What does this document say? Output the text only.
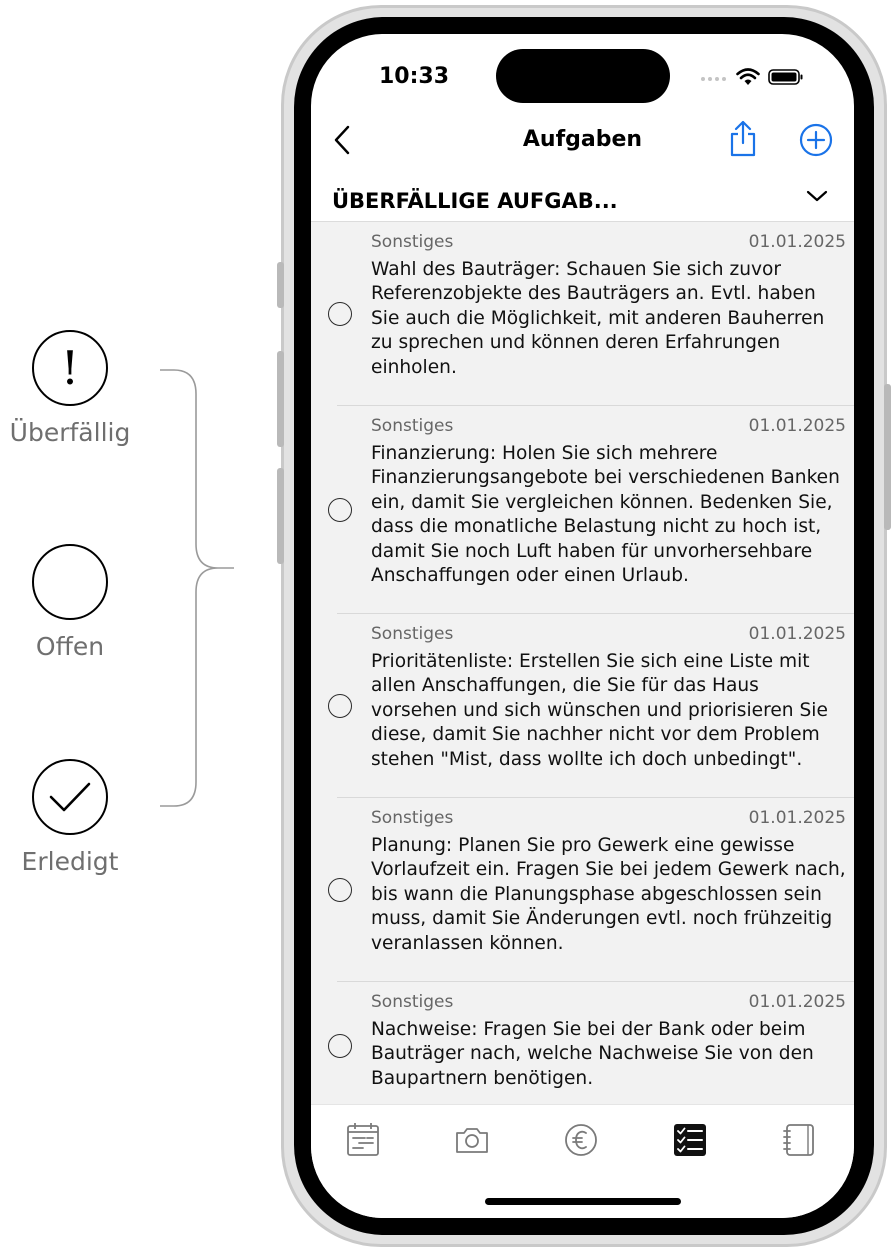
!
Überfällig
Offen
Erledigt
10:33
Aufgaben
ÜBERFÄLLIGE AUFGAB...
Sonstiges	01.01.2025
Wahl des Bauträger: Schauen Sie sich zuvor Referenzobjekte des Bauträgers an. Evtl. haben Sie auch die Möglichkeit, mit anderen Bauherren zu sprechen und können deren Erfahrungen einholen.
Sonstiges	01.01.2025
Finanzierung: Holen Sie sich mehrere Finanzierungsangebote bei verschiedenen Banken ein, damit Sie vergleichen können. Bedenken Sie, dass die monatliche Belastung nicht zu hoch ist, damit Sie noch Luft haben für unvorhersehbare Anschaffungen oder einen Urlaub.
Sonstiges	01.01.2025
Prioritätenliste: Erstellen Sie sich eine Liste mit allen Anschaffungen, die Sie für das Haus vorsehen und sich wünschen und priorisieren Sie diese, damit Sie nachher nicht vor dem Problem stehen "Mist, dass wollte ich doch unbedingt".
Sonstiges	01.01.2025
Planung: Planen Sie pro Gewerk eine gewisse Vorlaufzeit ein. Fragen Sie bei jedem Gewerk nach, bis wann die Planungsphase abgeschlossen sein muss, damit Sie Änderungen evtl. noch frühzeitig veranlassen können.
Sonstiges	01.01.2025
Nachweise: Fragen Sie bei der Bank oder beim Bauträger nach, welche Nachweise Sie von den Baupartnern benötigen.
